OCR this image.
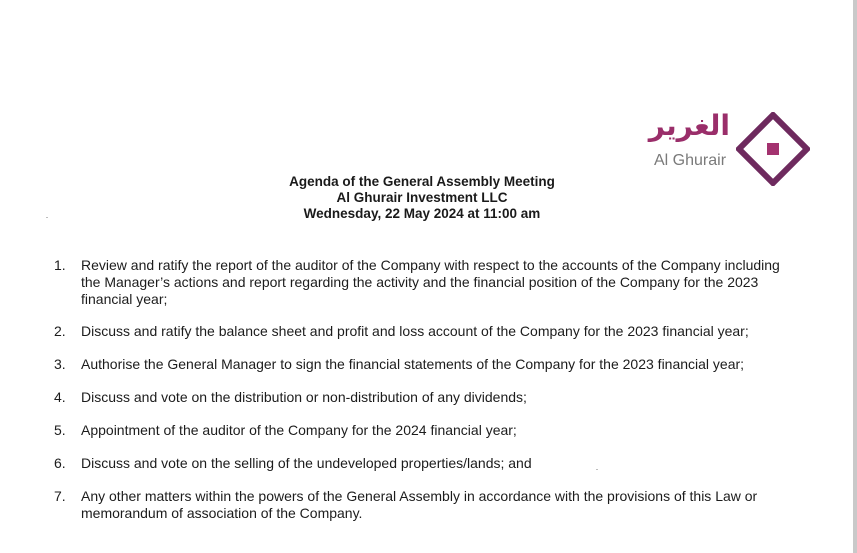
الغرير
Al Ghurair
Agenda of the General Assembly Meeting
Al Ghurair Investment LLC
Wednesday, 22 May 2024 at 11:00 am
1.	Review and ratify the report of the auditor of the Company with respect to the accounts of the Company including the Manager’s actions and report regarding the activity and the financial position of the Company for the 2023 financial year;
2.	Discuss and ratify the balance sheet and profit and loss account of the Company for the 2023 financial year;
3.	Authorise the General Manager to sign the financial statements of the Company for the 2023 financial year;
4.	Discuss and vote on the distribution or non-distribution of any dividends;
5.	Appointment of the auditor of the Company for the 2024 financial year;
6.	Discuss and vote on the selling of the undeveloped properties/lands; and
7.	Any other matters within the powers of the General Assembly in accordance with the provisions of this Law or memorandum of association of the Company.
